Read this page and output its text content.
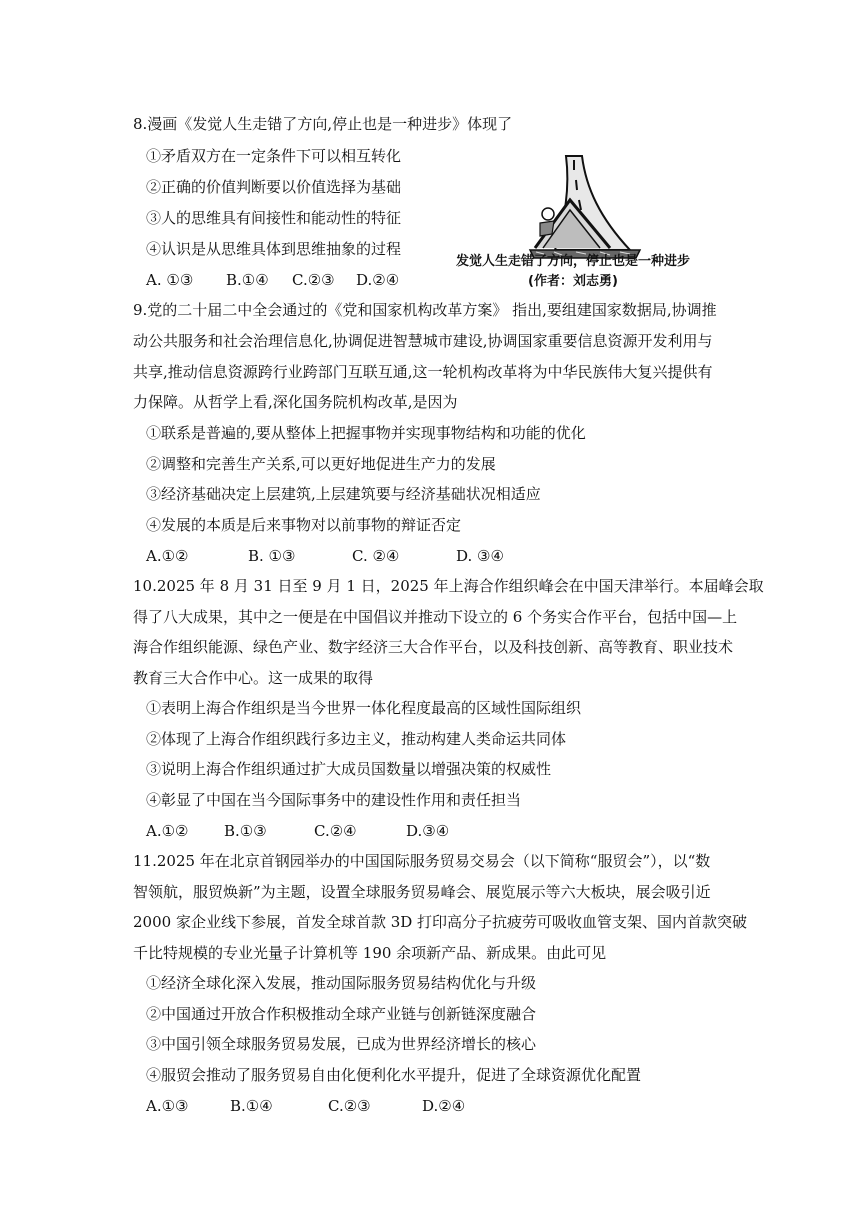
8.漫画《发觉人生走错了方向,停止也是一种进步》体现了
①矛盾双方在一定条件下可以相互转化
②正确的价值判断要以价值选择为基础
③人的思维具有间接性和能动性的特征
④认识是从思维具体到思维抽象的过程
A. ①③ B.①④ C.②③ D.②④
发觉人生走错了方向，停止也是一种进步
(作者：刘志勇)
9.党的二十届二中全会通过的《党和国家机构改革方案》 指出,要组建国家数据局,协调推
动公共服务和社会治理信息化,协调促进智慧城市建设,协调国家重要信息资源开发利用与
共享,推动信息资源跨行业跨部门互联互通,这一轮机构改革将为中华民族伟大复兴提供有
力保障。从哲学上看,深化国务院机构改革,是因为
①联系是普遍的,要从整体上把握事物并实现事物结构和功能的优化
②调整和完善生产关系,可以更好地促进生产力的发展
③经济基础决定上层建筑,上层建筑要与经济基础状况相适应
④发展的本质是后来事物对以前事物的辩证否定
A.①②	B. ①③	C. ②④	D. ③④
10.2025 年 8 月 31 日至 9 月 1 日，2025 年上海合作组织峰会在中国天津举行。本届峰会取
得了八大成果，其中之一便是在中国倡议并推动下设立的 6 个务实合作平台，包括中国—上
海合作组织能源、绿色产业、数字经济三大合作平台，以及科技创新、高等教育、职业技术
教育三大合作中心。这一成果的取得
①表明上海合作组织是当今世界一体化程度最高的区域性国际组织
②体现了上海合作组织践行多边主义，推动构建人类命运共同体
③说明上海合作组织通过扩大成员国数量以增强决策的权威性
④彰显了中国在当今国际事务中的建设性作用和责任担当
A.①② B.①③	C.②④	D.③④
11.2025 年在北京首钢园举办的中国国际服务贸易交易会（以下简称“服贸会”），以“数
智领航，服贸焕新”为主题，设置全球服务贸易峰会、展览展示等六大板块，展会吸引近
2000 家企业线下参展，首发全球首款 3D 打印高分子抗疲劳可吸收血管支架、国内首款突破
千比特规模的专业光量子计算机等 190 余项新产品、新成果。由此可见
①经济全球化深入发展，推动国际服务贸易结构优化与升级
②中国通过开放合作积极推动全球产业链与创新链深度融合
③中国引领全球服务贸易发展，已成为世界经济增长的核心
④服贸会推动了服务贸易自由化便利化水平提升，促进了全球资源优化配置
A.①③	B.①④	C.②③	D.②④
